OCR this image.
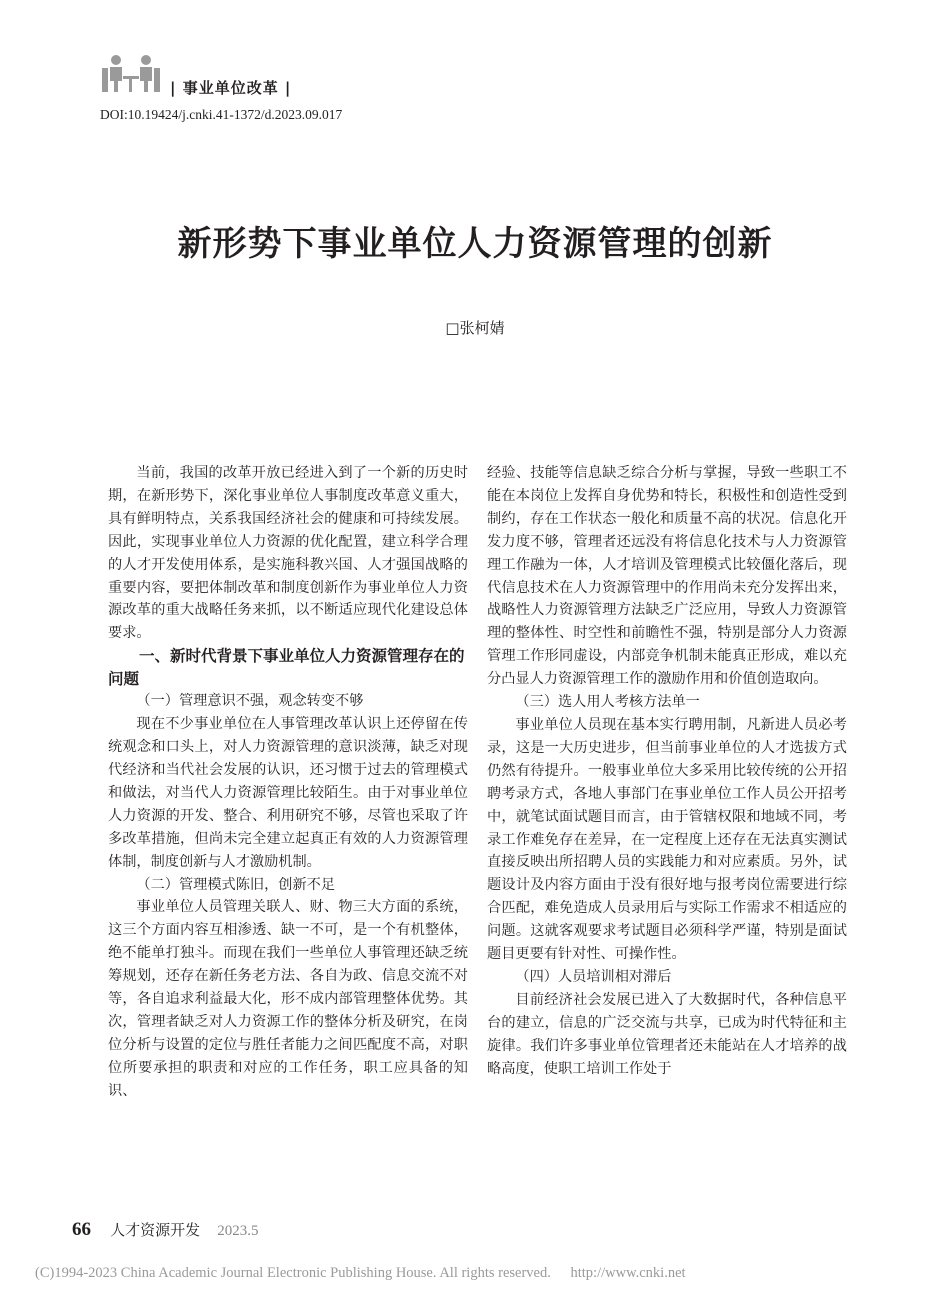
| 事业单位改革 |
DOI:10.19424/j.cnki.41-1372/d.2023.09.017
新形势下事业单位人力资源管理的创新
□张柯婧

当前，我国的改革开放已经进入到了一个新的历史时期，在新形势下，深化事业单位人事制度改革意义重大，具有鲜明特点，关系我国经济社会的健康和可持续发展。因此，实现事业单位人力资源的优化配置，建立科学合理的人才开发使用体系，是实施科教兴国、人才强国战略的重要内容，要把体制改革和制度创新作为事业单位人力资源改革的重大战略任务来抓，以不断适应现代化建设总体要求。

一、新时代背景下事业单位人力资源管理存在的问题
（一）管理意识不强，观念转变不够

现在不少事业单位在人事管理改革认识上还停留在传统观念和口头上，对人力资源管理的意识淡薄，缺乏对现代经济和当代社会发展的认识，还习惯于过去的管理模式和做法，对当代人力资源管理比较陌生。由于对事业单位人力资源的开发、整合、利用研究不够，尽管也采取了许多改革措施，但尚未完全建立起真正有效的人力资源管理体制，制度创新与人才激励机制。

（二）管理模式陈旧，创新不足

事业单位人员管理关联人、财、物三大方面的系统，这三个方面内容互相渗透、缺一不可，是一个有机整体，绝不能单打独斗。而现在我们一些单位人事管理还缺乏统筹规划，还存在新任务老方法、各自为政、信息交流不对等，各自追求利益最大化，形不成内部管理整体优势。其次，管理者缺乏对人力资源工作的整体分析及研究，在岗位分析与设置的定位与胜任者能力之间匹配度不高，对职位所要承担的职责和对应的工作任务，职工应具备的知识、

经验、技能等信息缺乏综合分析与掌握，导致一些职工不能在本岗位上发挥自身优势和特长，积极性和创造性受到制约，存在工作状态一般化和质量不高的状况。信息化开发力度不够，管理者还远没有将信息化技术与人力资源管理工作融为一体，人才培训及管理模式比较僵化落后，现代信息技术在人力资源管理中的作用尚未充分发挥出来，战略性人力资源管理方法缺乏广泛应用，导致人力资源管理的整体性、时空性和前瞻性不强，特别是部分人力资源管理工作形同虚设，内部竞争机制未能真正形成，难以充分凸显人力资源管理工作的激励作用和价值创造取向。

（三）选人用人考核方法单一

事业单位人员现在基本实行聘用制，凡新进人员必考录，这是一大历史进步，但当前事业单位的人才选拔方式仍然有待提升。一般事业单位大多采用比较传统的公开招聘考录方式，各地人事部门在事业单位工作人员公开招考中，就笔试面试题目而言，由于管辖权限和地域不同，考录工作难免存在差异，在一定程度上还存在无法真实测试直接反映出所招聘人员的实践能力和对应素质。另外，试题设计及内容方面由于没有很好地与报考岗位需要进行综合匹配，难免造成人员录用后与实际工作需求不相适应的问题。这就客观要求考试题目必须科学严谨，特别是面试题目更要有针对性、可操作性。

（四）人员培训相对滞后

目前经济社会发展已进入了大数据时代，各种信息平台的建立，信息的广泛交流与共享，已成为时代特征和主旋律。我们许多事业单位管理者还未能站在人才培养的战略高度，使职工培训工作处于

66 人才资源开发 2023.5
(C)1994-2023 China Academic Journal Electronic Publishing House. All rights reserved. http://www.cnki.net
